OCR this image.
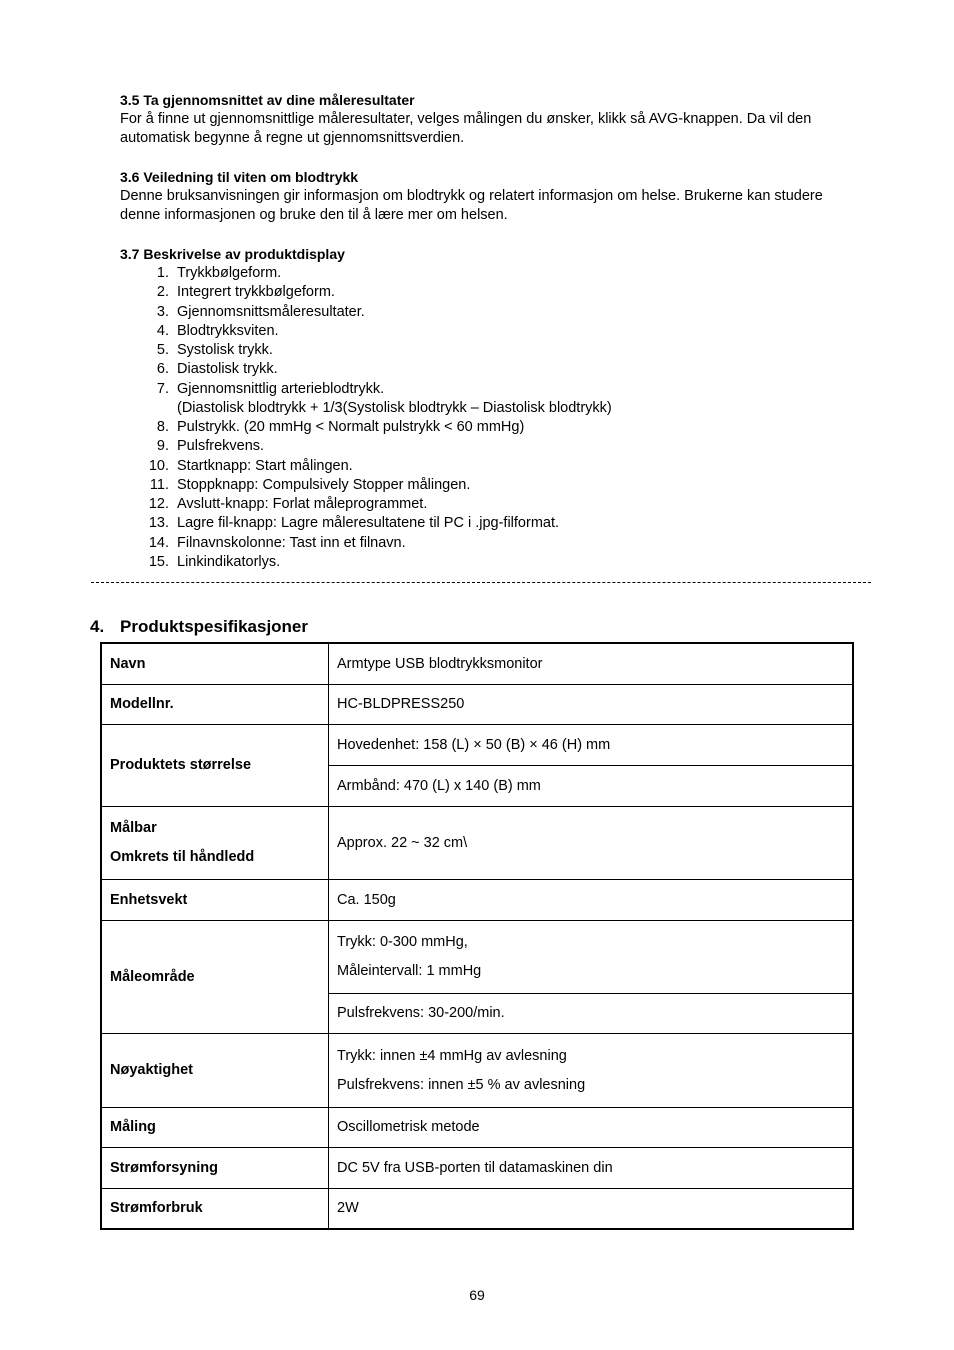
3.5 Ta gjennomsnittet av dine måleresultater

For å finne ut gjennomsnittlige måleresultater, velges målingen du ønsker, klikk så AVG-knappen. Da vil den automatisk begynne å regne ut gjennomsnittsverdien.

3.6 Veiledning til viten om blodtrykk

Denne bruksanvisningen gir informasjon om blodtrykk og relatert informasjon om helse. Brukerne kan studere denne informasjonen og bruke den til å lære mer om helsen.

3.7 Beskrivelse av produktdisplay
1. Trykkbølgeform.
2. Integrert trykkbølgeform.
3. Gjennomsnittsmåleresultater.
4. Blodtrykksviten.
5. Systolisk trykk.
6. Diastolisk trykk.
7. Gjennomsnittlig arterieblodtrykk.
(Diastolisk blodtrykk + 1/3(Systolisk blodtrykk – Diastolisk blodtrykk)
8. Pulstrykk. (20 mmHg < Normalt pulstrykk < 60 mmHg)
9. Pulsfrekvens.
10. Startknapp: Start målingen.
11. Stoppknapp: Compulsively Stopper målingen.
12. Avslutt-knapp: Forlat måleprogrammet.
13. Lagre fil-knapp: Lagre måleresultatene til PC i .jpg-filformat.
14. Filnavnskolonne: Tast inn et filnavn.
15. Linkindikatorlys.
4. Produktspesifikasjoner
Navn	Armtype USB blodtrykksmonitor
Modellnr.	HC-BLDPRESS250
Produktets størrelse	Hovedenhet: 158 (L) × 50 (B) × 46 (H) mm
	Armbånd: 470 (L) x 140 (B) mm

Målbar
Omkrets til håndledd	Approx. 22 ~ 32 cm\
Enhetsvekt	Ca. 150g
Måleområde	Trykk: 0-300 mmHg,
Måleintervall: 1 mmHg

	Pulsfrekvens: 30-200/min.
Nøyaktighet	Trykk: innen ±4 mmHg av avlesning
Pulsfrekvens: innen ±5 % av avlesning

Måling	Oscillometrisk metode
Strømforsyning	DC 5V fra USB-porten til datamaskinen din
Strømforbruk	2W
69
